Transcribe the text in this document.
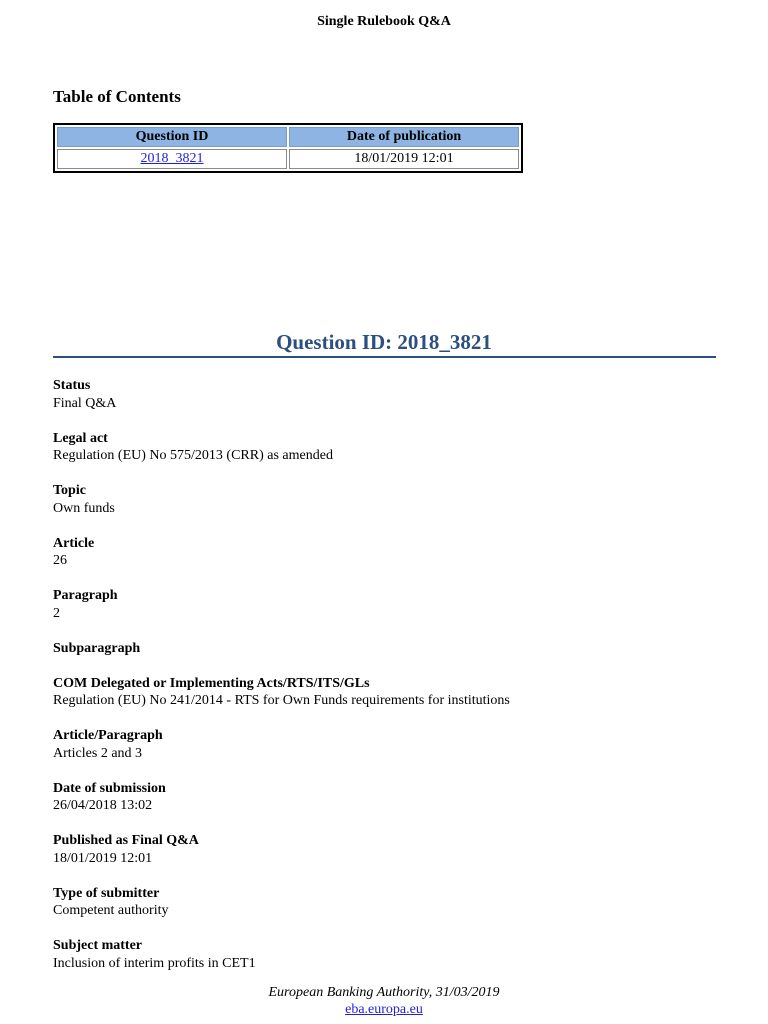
Single Rulebook Q&A
Table of Contents
Question ID	Date of publication
2018_3821	18/01/2019 12:01
Question ID: 2018_3821
Status
Final Q&A
Legal act
Regulation (EU) No 575/2013 (CRR) as amended
Topic
Own funds
Article
26
Paragraph
2
Subparagraph
COM Delegated or Implementing Acts/RTS/ITS/GLs
Regulation (EU) No 241/2014 - RTS for Own Funds requirements for institutions
Article/Paragraph
Articles 2 and 3
Date of submission
26/04/2018 13:02
Published as Final Q&A
18/01/2019 12:01
Type of submitter
Competent authority
Subject matter
Inclusion of interim profits in CET1
European Banking Authority, 31/03/2019
eba.europa.eu
